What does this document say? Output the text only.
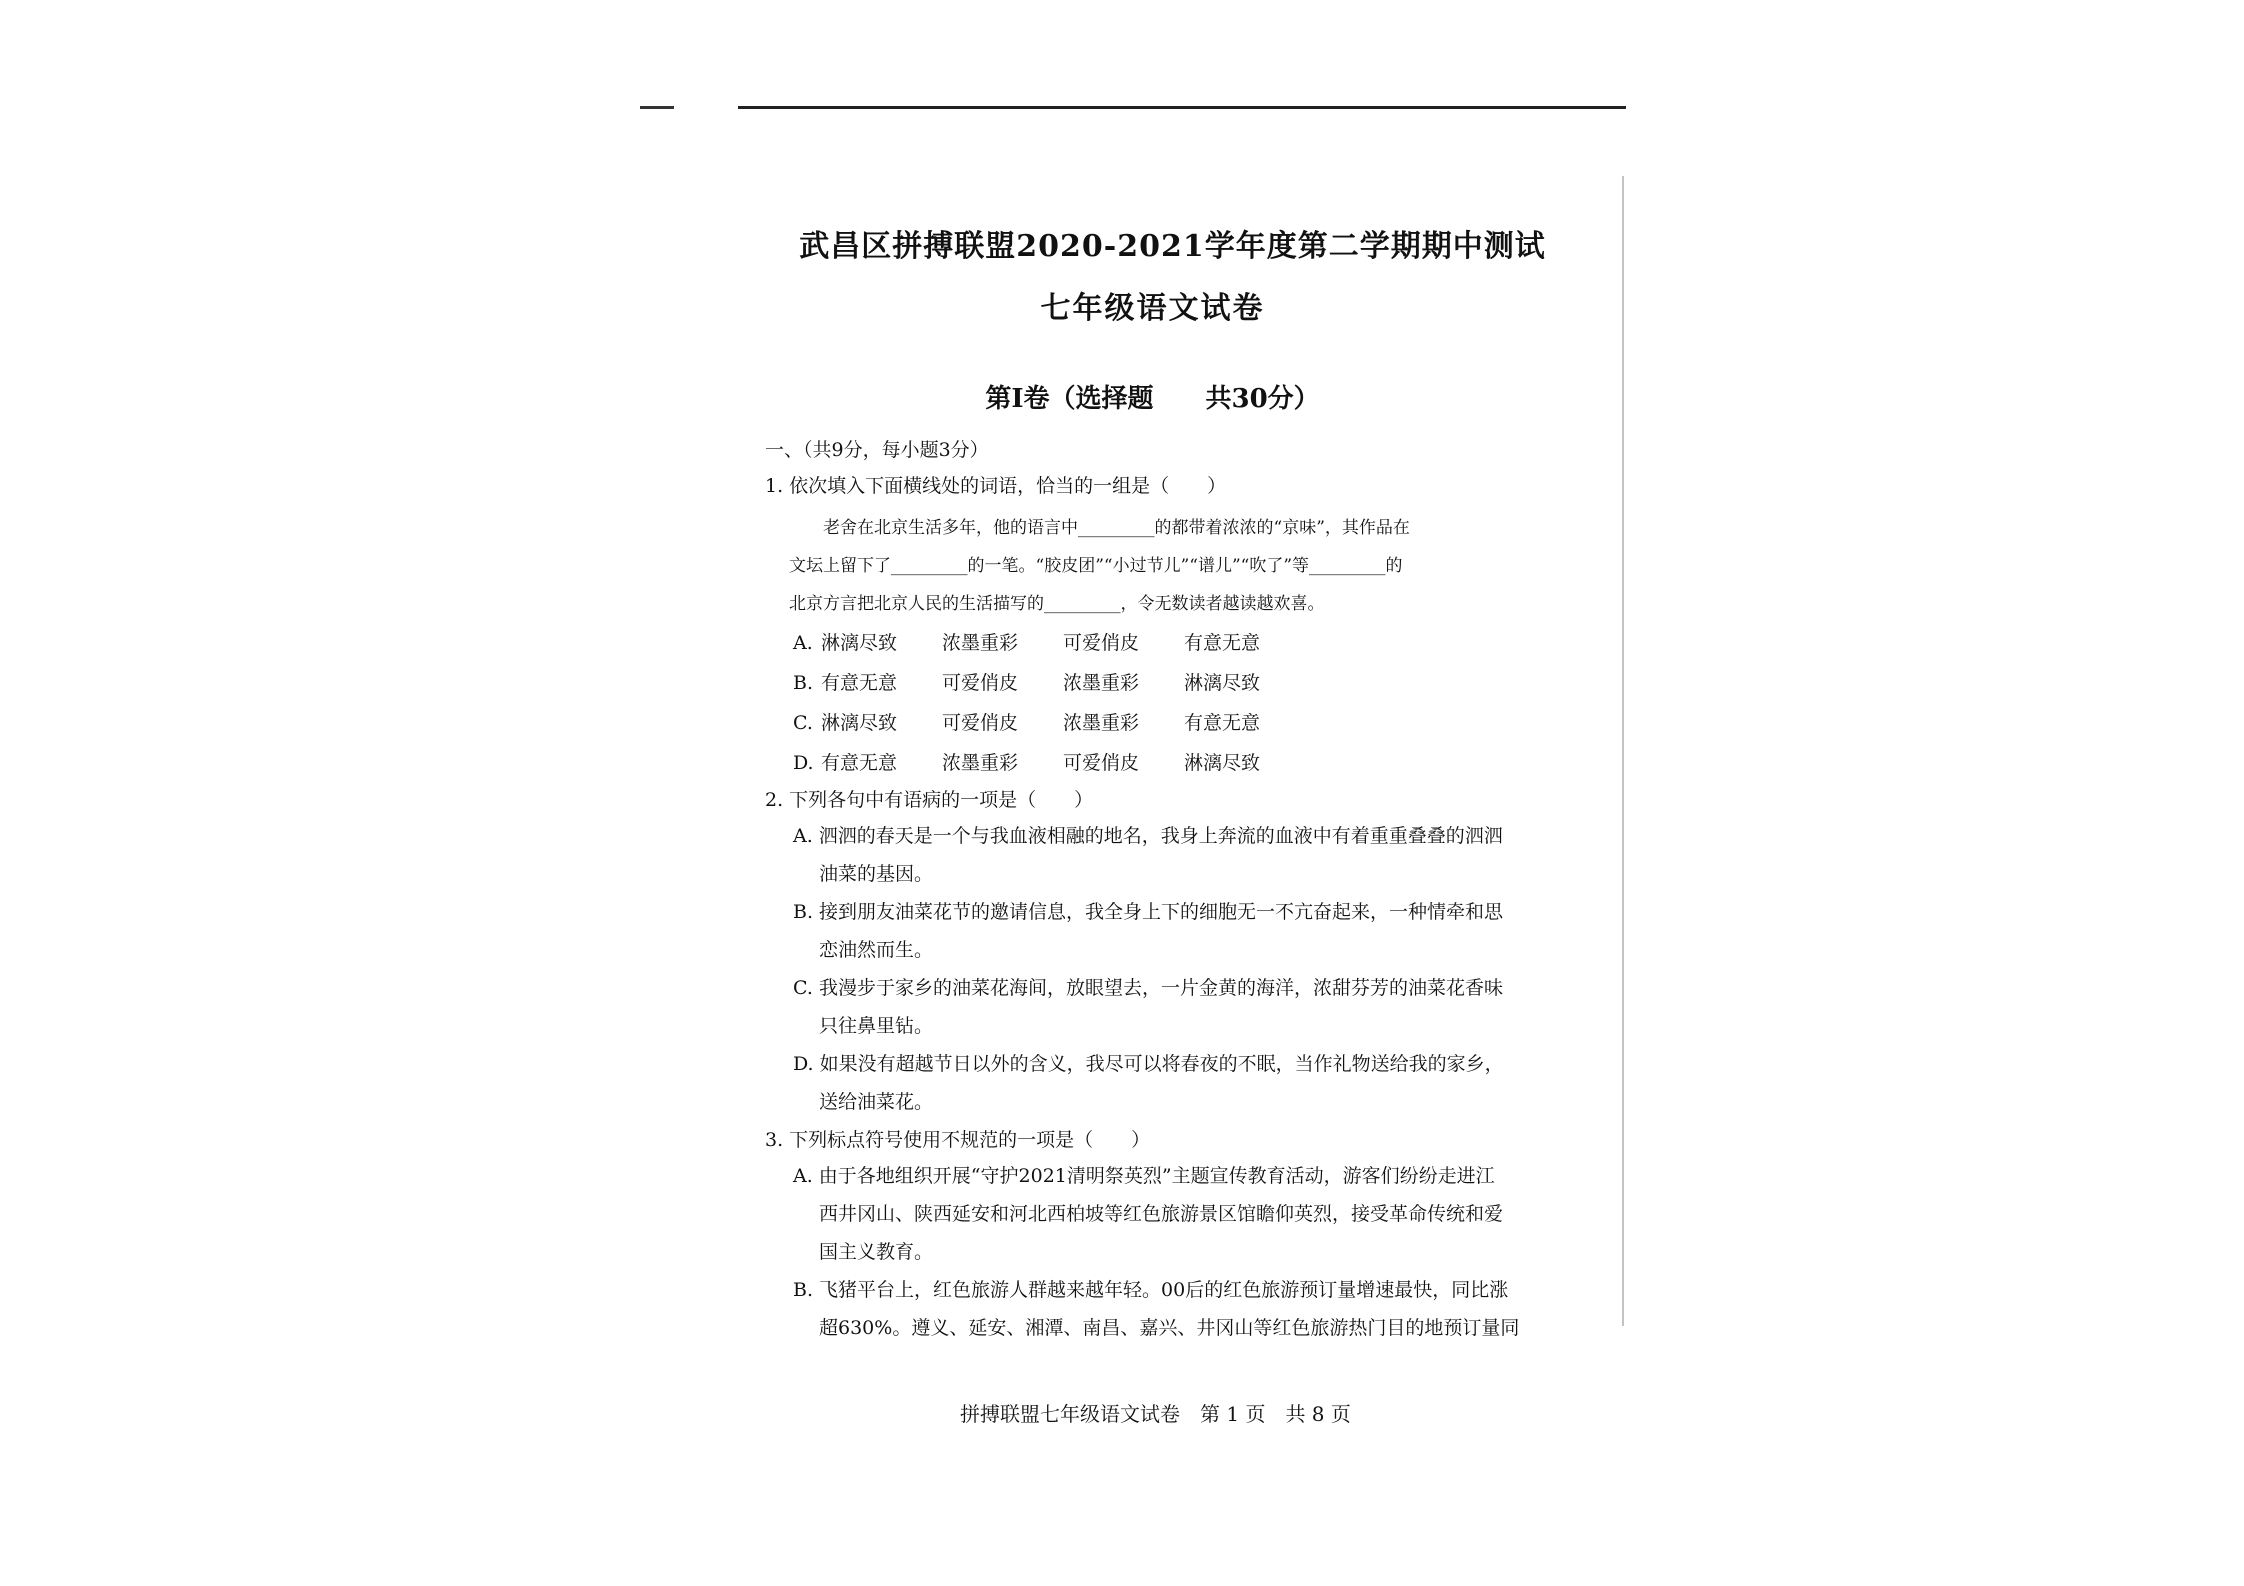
武昌区拼搏联盟2020-2021学年度第二学期期中测试
七年级语文试卷
第I卷（选择题　　共30分）
一、（共9分，每小题3分）
1. 依次填入下面横线处的词语，恰当的一组是（　　）
老舍在北京生活多年，他的语言中_________的都带着浓浓的“京味”，其作品在
文坛上留下了_________的一笔。“胶皮团”“小过节儿”“谱儿”“吹了”等_________的
北京方言把北京人民的生活描写的_________，令无数读者越读越欢喜。
A. 淋漓尽致	浓墨重彩	可爱俏皮	有意无意
B. 有意无意	可爱俏皮	浓墨重彩	淋漓尽致
C. 淋漓尽致	可爱俏皮	浓墨重彩	有意无意
D. 有意无意	浓墨重彩	可爱俏皮	淋漓尽致
2. 下列各句中有语病的一项是（　　）
A. 泗泗的春天是一个与我血液相融的地名，我身上奔流的血液中有着重重叠叠的泗泗
油菜的基因。
B. 接到朋友油菜花节的邀请信息，我全身上下的细胞无一不亢奋起来，一种情牵和思
恋油然而生。
C. 我漫步于家乡的油菜花海间，放眼望去，一片金黄的海洋，浓甜芬芳的油菜花香味
只往鼻里钻。
D. 如果没有超越节日以外的含义，我尽可以将春夜的不眠，当作礼物送给我的家乡，
送给油菜花。
3. 下列标点符号使用不规范的一项是（　　）
A. 由于各地组织开展“守护2021清明祭英烈”主题宣传教育活动，游客们纷纷走进江
西井冈山、陕西延安和河北西柏坡等红色旅游景区馆瞻仰英烈，接受革命传统和爱
国主义教育。
B. 飞猪平台上，红色旅游人群越来越年轻。00后的红色旅游预订量增速最快，同比涨
超630%。遵义、延安、湘潭、南昌、嘉兴、井冈山等红色旅游热门目的地预订量同
拼搏联盟七年级语文试卷　第 1 页　共 8 页
